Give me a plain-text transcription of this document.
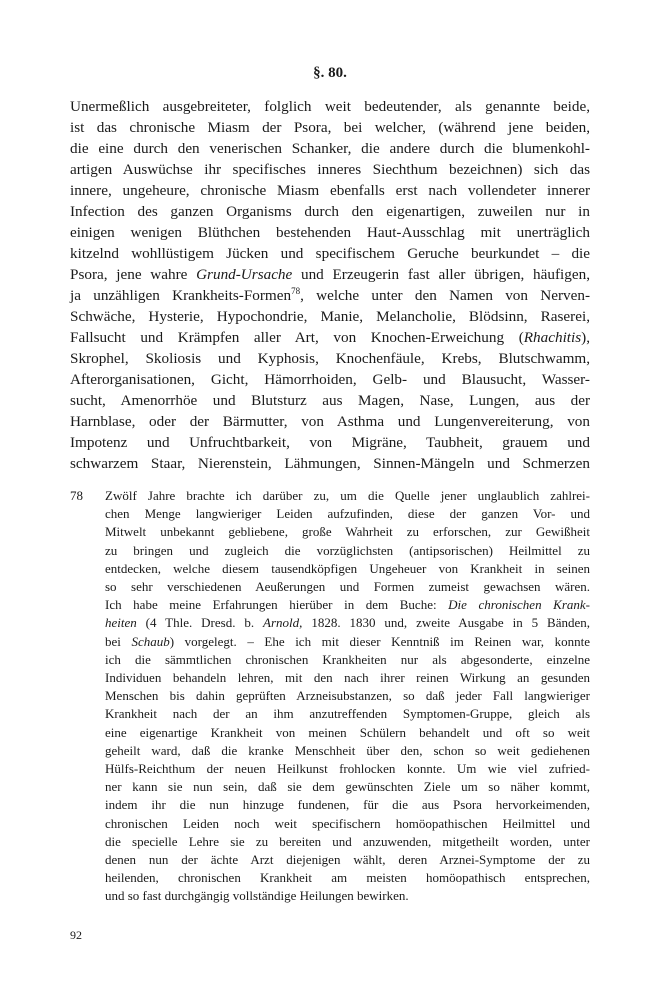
§. 80.
Unermeßlich ausgebreiteter, folglich weit bedeutender, als genannte beide,
ist das chronische Miasm der Psora, bei welcher, (während jene beiden,
die eine durch den venerischen Schanker, die andere durch die blumenkohl-
artigen Auswüchse ihr specifisches inneres Siechthum bezeichnen) sich das
innere, ungeheure, chronische Miasm ebenfalls erst nach vollendeter innerer
Infection des ganzen Organisms durch den eigenartigen, zuweilen nur in
einigen wenigen Blüthchen bestehenden Haut-Ausschlag mit unerträglich
kitzelnd wohllüstigem Jücken und specifischem Geruche beurkundet – die
Psora, jene wahre Grund-Ursache und Erzeugerin fast aller übrigen, häufigen,
ja unzähligen Krankheits-Formen$^{78}$, welche unter den Namen von Nerven-
Schwäche, Hysterie, Hypochondrie, Manie, Melancholie, Blödsinn, Raserei,
Fallsucht und Krämpfen aller Art, von Knochen-Erweichung (Rhachitis),
Skrophel, Skoliosis und Kyphosis, Knochenfäule, Krebs, Blutschwamm,
Afterorganisationen, Gicht, Hämorrhoiden, Gelb- und Blausucht, Wasser-
sucht, Amenorrhöe und Blutsturz aus Magen, Nase, Lungen, aus der
Harnblase, oder der Bärmutter, von Asthma und Lungenvereiterung, von
Impotenz und Unfruchtbarkeit, von Migräne, Taubheit, grauem und
schwarzem Staar, Nierenstein, Lähmungen, Sinnen-Mängeln und Schmerzen
78 Zwölf Jahre brachte ich darüber zu, um die Quelle jener unglaublich zahlrei-
chen Menge langwieriger Leiden aufzufinden, diese der ganzen Vor- und
Mitwelt unbekannt gebliebene, große Wahrheit zu erforschen, zur Gewißheit
zu bringen und zugleich die vorzüglichsten (antipsorischen) Heilmittel zu
entdecken, welche diesem tausendköpfigen Ungeheuer von Krankheit in seinen
so sehr verschiedenen Aeußerungen und Formen zumeist gewachsen wären.
Ich habe meine Erfahrungen hierüber in dem Buche: Die chronischen Krank-
heiten (4 Thle. Dresd. b. Arnold, 1828. 1830 und, zweite Ausgabe in 5 Bänden,
bei Schaub) vorgelegt. – Ehe ich mit dieser Kenntniß im Reinen war, konnte
ich die sämmtlichen chronischen Krankheiten nur als abgesonderte, einzelne
Individuen behandeln lehren, mit den nach ihrer reinen Wirkung an gesunden
Menschen bis dahin geprüften Arzneisubstanzen, so daß jeder Fall langwieriger
Krankheit nach der an ihm anzutreffenden Symptomen-Gruppe, gleich als
eine eigenartige Krankheit von meinen Schülern behandelt und oft so weit
geheilt ward, daß die kranke Menschheit über den, schon so weit gediehenen
Hülfs-Reichthum der neuen Heilkunst frohlocken konnte. Um wie viel zufried-
ner kann sie nun sein, daß sie dem gewünschten Ziele um so näher kommt,
indem ihr die nun hinzuge fundenen, für die aus Psora hervorkeimenden,
chronischen Leiden noch weit specifischern homöopathischen Heilmittel und
die specielle Lehre sie zu bereiten und anzuwenden, mitgetheilt worden, unter
denen nun der ächte Arzt diejenigen wählt, deren Arznei-Symptome der zu
heilenden, chronischen Krankheit am meisten homöopathisch entsprechen,
und so fast durchgängig vollständige Heilungen bewirken.
92
